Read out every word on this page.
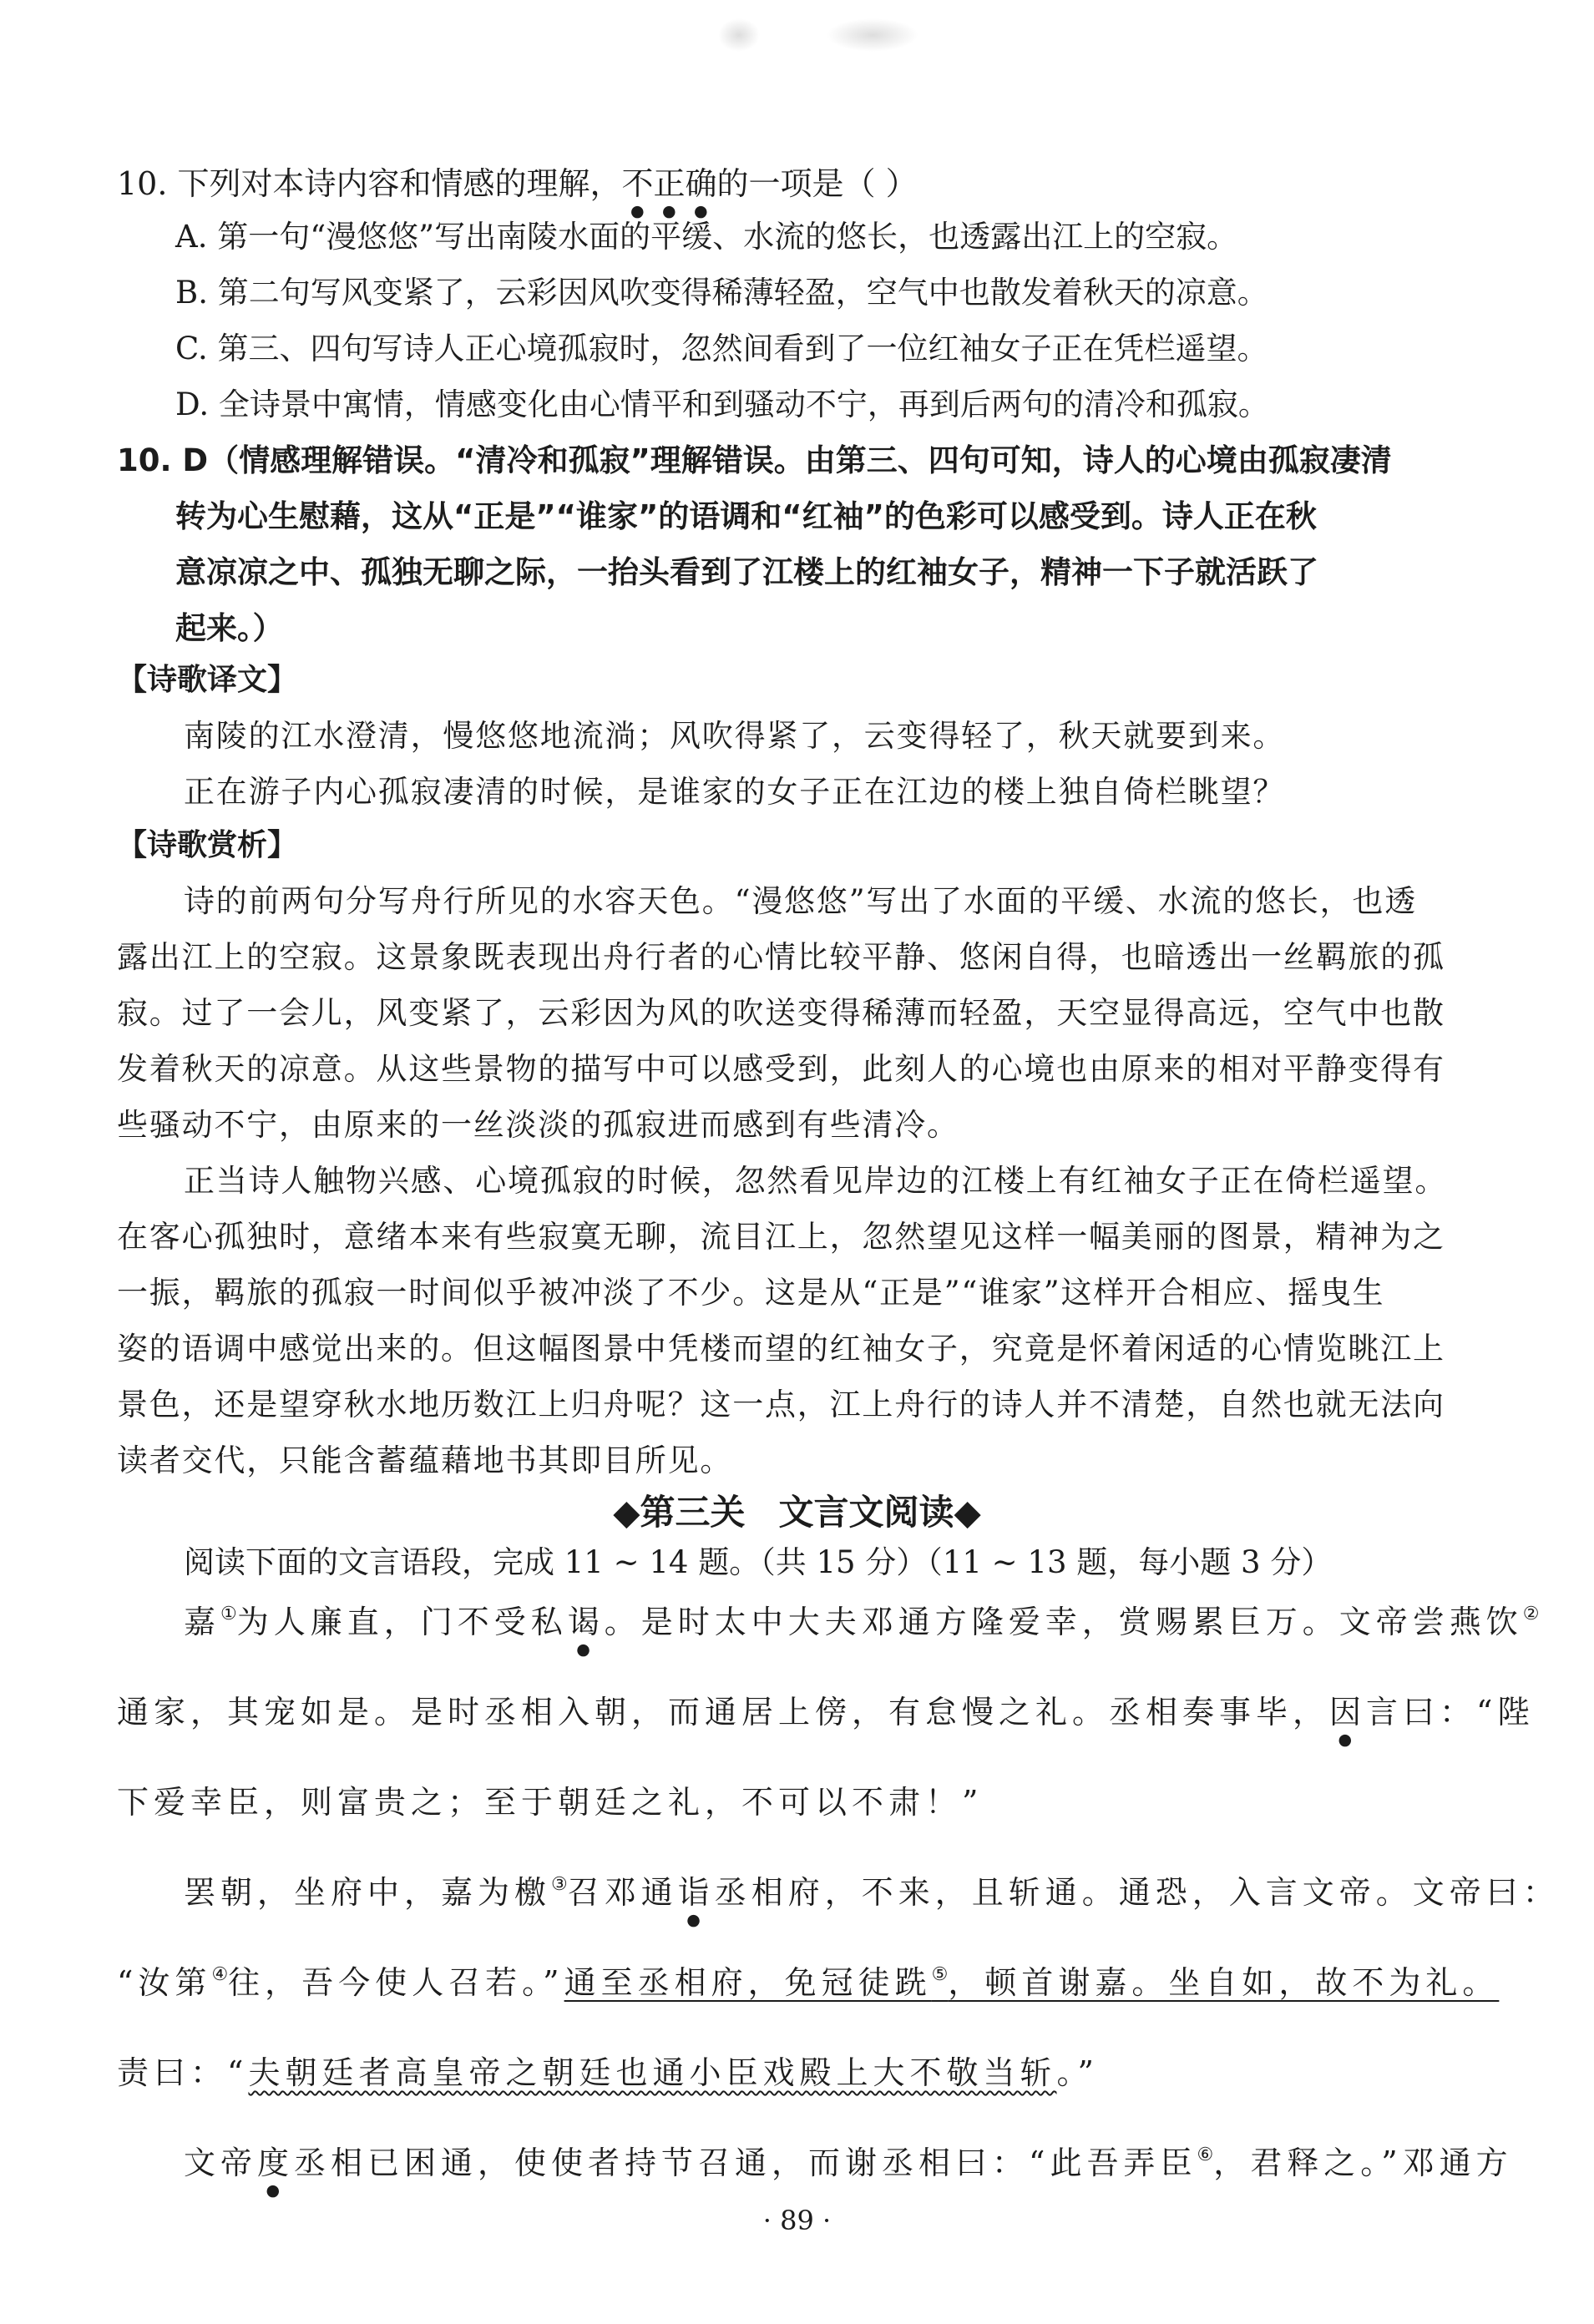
10. 下列对本诗内容和情感的理解，不正确的一项是（ ）
A. 第一句“漫悠悠”写出南陵水面的平缓、水流的悠长，也透露出江上的空寂。
B. 第二句写风变紧了，云彩因风吹变得稀薄轻盈，空气中也散发着秋天的凉意。
C. 第三、四句写诗人正心境孤寂时，忽然间看到了一位红袖女子正在凭栏遥望。
D. 全诗景中寓情，情感变化由心情平和到骚动不宁，再到后两句的清冷和孤寂。
10. D（情感理解错误。“清冷和孤寂”理解错误。由第三、四句可知，诗人的心境由孤寂凄清
转为心生慰藉，这从“正是”“谁家”的语调和“红袖”的色彩可以感受到。诗人正在秋
意凉凉之中、孤独无聊之际，一抬头看到了江楼上的红袖女子，精神一下子就活跃了
起来。）
【诗歌译文】
南陵的江水澄清，慢悠悠地流淌；风吹得紧了，云变得轻了，秋天就要到来。
正在游子内心孤寂凄清的时候，是谁家的女子正在江边的楼上独自倚栏眺望？
【诗歌赏析】
诗的前两句分写舟行所见的水容天色。“漫悠悠”写出了水面的平缓、水流的悠长，也透
露出江上的空寂。这景象既表现出舟行者的心情比较平静、悠闲自得，也暗透出一丝羁旅的孤
寂。过了一会儿，风变紧了，云彩因为风的吹送变得稀薄而轻盈，天空显得高远，空气中也散
发着秋天的凉意。从这些景物的描写中可以感受到，此刻人的心境也由原来的相对平静变得有
些骚动不宁，由原来的一丝淡淡的孤寂进而感到有些清冷。
正当诗人触物兴感、心境孤寂的时候，忽然看见岸边的江楼上有红袖女子正在倚栏遥望。
在客心孤独时，意绪本来有些寂寞无聊，流目江上，忽然望见这样一幅美丽的图景，精神为之
一振，羁旅的孤寂一时间似乎被冲淡了不少。这是从“正是”“谁家”这样开合相应、摇曳生
姿的语调中感觉出来的。但这幅图景中凭楼而望的红袖女子，究竟是怀着闲适的心情览眺江上
景色，还是望穿秋水地历数江上归舟呢？这一点，江上舟行的诗人并不清楚，自然也就无法向
读者交代，只能含蓄蕴藉地书其即目所见。
◆第三关 文言文阅读◆
阅读下面的文言语段，完成 11 ~ 14 题。（共 15 分）（11 ~ 13 题，每小题 3 分）
嘉①为人廉直，门不受私谒。是时太中大夫邓通方隆爱幸，赏赐累巨万。文帝尝燕饮②
通家，其宠如是。是时丞相入朝，而通居上傍，有怠慢之礼。丞相奏事毕，因言曰：“陛
下爱幸臣，则富贵之；至于朝廷之礼，不可以不肃！”
罢朝，坐府中，嘉为檄③召邓通诣丞相府，不来，且斩通。通恐，入言文帝。文帝曰：
“汝第④往，吾今使人召若。”通至丞相府，免冠徒跣⑤，顿首谢嘉。坐自如，故不为礼。
责曰：“夫朝廷者高皇帝之朝廷也通小臣戏殿上大不敬当斩。”
文帝度丞相已困通，使使者持节召通，而谢丞相曰：“此吾弄臣⑥，君释之。”邓通方
· 89 ·
